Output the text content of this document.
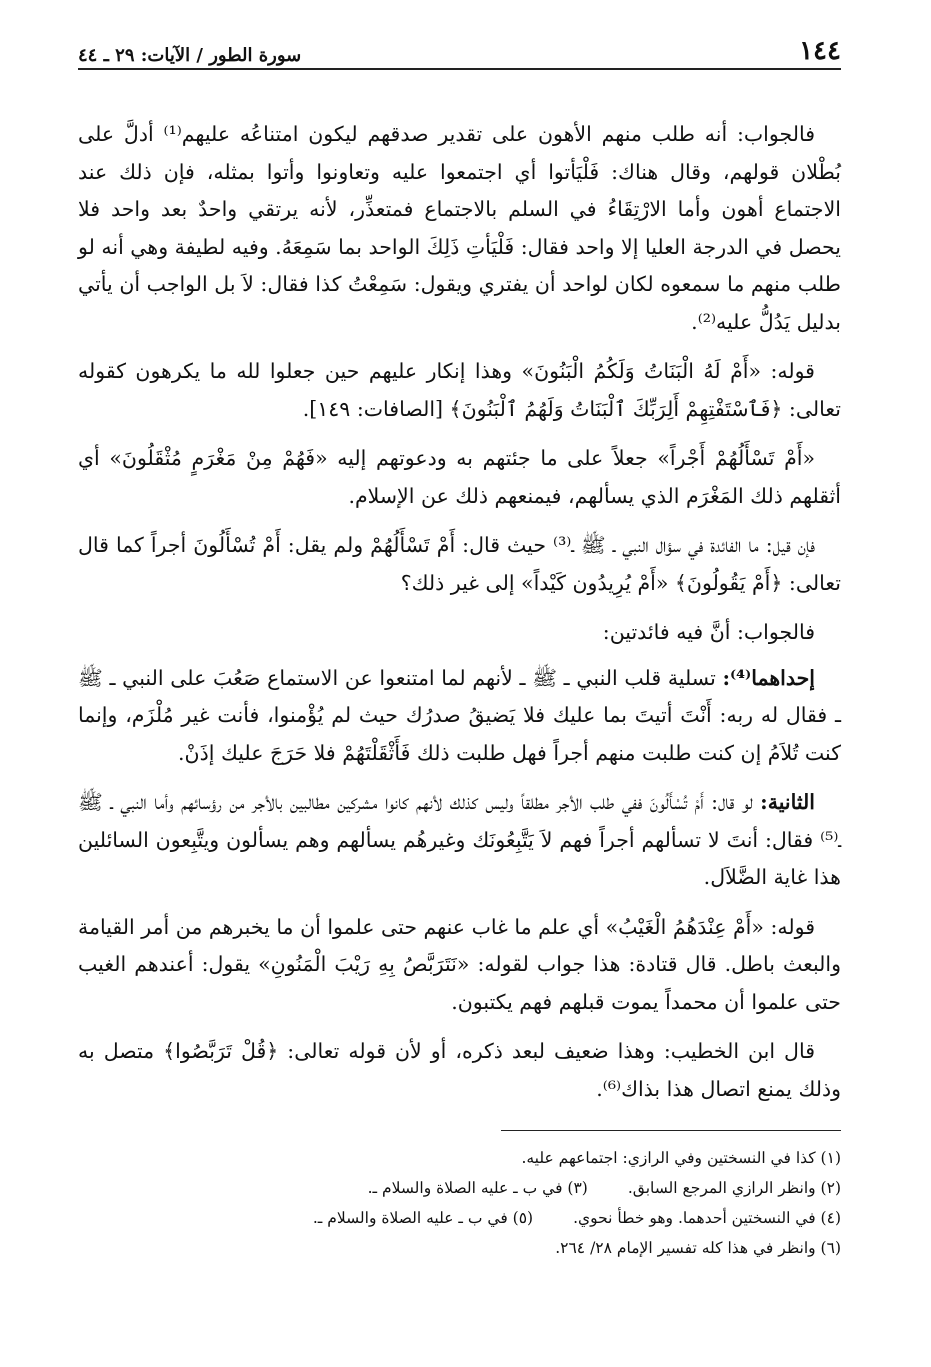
١٤٤
سورة الطور / الآيات: ٢٩ ـ ٤٤

فالجواب: أنه طلب منهم الأهون على تقدير صدقهم ليكون امتناعُه عليهم⁽¹⁾ أدلَّ على بُطْلان قولهم، وقال هناك: فَلْيَأتوا أي اجتمعوا عليه وتعاونوا وأتوا بمثله، فإن ذلك عند الاجتماع أهون وأما الارْتِقَاءُ في السلم بالاجتماع فمتعذِّر، لأنه يرتقي واحدٌ بعد واحد فلا يحصل في الدرجة العليا إلا واحد فقال: فَلْيَأتِ ذَلِكَ الواحد بما سَمِعَهُ. وفيه لطيفة وهي أنه لو طلب منهم ما سمعوه لكان لواحد أن يفتري ويقول: سَمِعْتُ كذا فقال: لاَ بل الواجب أن يأتي بدليل يَدُلُّ عليه⁽²⁾.

قوله: «أَمْ لَهُ الْبَنَاتُ وَلَكُمُ الْبَنُونَ» وهذا إنكار عليهم حين جعلوا لله ما يكرهون كقوله تعالى: ﴿فَٱسْتَفْتِهِمْ أَلِرَبِّكَ ٱلْبَنَاتُ وَلَهُمُ ٱلْبَنُونَ﴾ [الصافات: ١٤٩].

«أَمْ تَسْأَلُهُمْ أَجْراً» جعلاً على ما جئتهم به ودعوتهم إليه «فَهُمْ مِنْ مَغْرَمٍ مُثْقَلُونَ» أي أثقلهم ذلك المَغْرَم الذي يسألهم، فيمنعهم ذلك عن الإسلام.

فإن قيل: ما الفائدة في سؤال النبي ـ ﷺ ـ⁽³⁾ حيث قال: أَمْ تَسْأَلُهُمْ ولم يقل: أَمْ تُسْأَلُونَ أجراً كما قال تعالى: ﴿أَمْ يَقُولُونَ﴾ «أَمْ يُرِيدُون كَيْداً» إلى غير ذلك؟

فالجواب: أنَّ فيه فائدتين:

إحداهما⁽⁴⁾: تسلية قلب النبي ـ ﷺ ـ لأنهم لما امتنعوا عن الاستماع صَعُبَ على النبي ـ ﷺ ـ فقال له ربه: أَنْتَ أتيتَ بما عليك فلا يَضيقُ صدرُك حيث لم يُؤْمنوا، فأنت غير مُلْزَم، وإنما كنت تُلاَمُ إن كنت طلبت منهم أجراً فهل طلبت ذلك فَأَثْقَلْتَهُمْ فلا حَرَجَ عليك إذَنْ.

الثانية: لو قال: أَمْ تُسْأَلُونَ ففي طلب الأجر مطلقاً وليس كذلك لأنهم كانوا مشركين مطالبين بالأجر من رؤسائهم وأما النبي ـ ﷺ ـ⁽⁵⁾ فقال: أنتَ لا تسألهم أجراً فهم لاَ يَتَّبِعُونَك وغيرهُم يسألهم وهم يسألون ويتَّبِعون السائلين هذا غاية الضَّلاَل.

قوله: «أَمْ عِنْدَهُمُ الْغَيْبُ» أي علم ما غاب عنهم حتى علموا أن ما يخبرهم من أمر القيامة والبعث باطل. قال قتادة: هذا جواب لقوله: «نَتَرَبَّصُ بِهِ رَيْبَ الْمَنُونِ» يقول: أعندهم الغيب حتى علموا أن محمداً يموت قبلهم فهم يكتبون.

قال ابن الخطيب: وهذا ضعيف لبعد ذكره، أو لأن قوله تعالى: ﴿قُلْ تَرَبَّصُوا﴾ متصل به وذلك يمنع اتصال هذا بذاك⁽⁶⁾.

(١) كذا في النسختين وفي الرازي: اجتماعهم عليه.
(٢) وانظر الرازي المرجع السابق.
(٣) في ب ـ عليه الصلاة والسلام ـ.
(٤) في النسختين أحدهما. وهو خطأ نحوي.
(٥) في ب ـ عليه الصلاة والسلام ـ.
(٦) وانظر في هذا كله تفسير الإمام ٢٨/ ٢٦٤.
